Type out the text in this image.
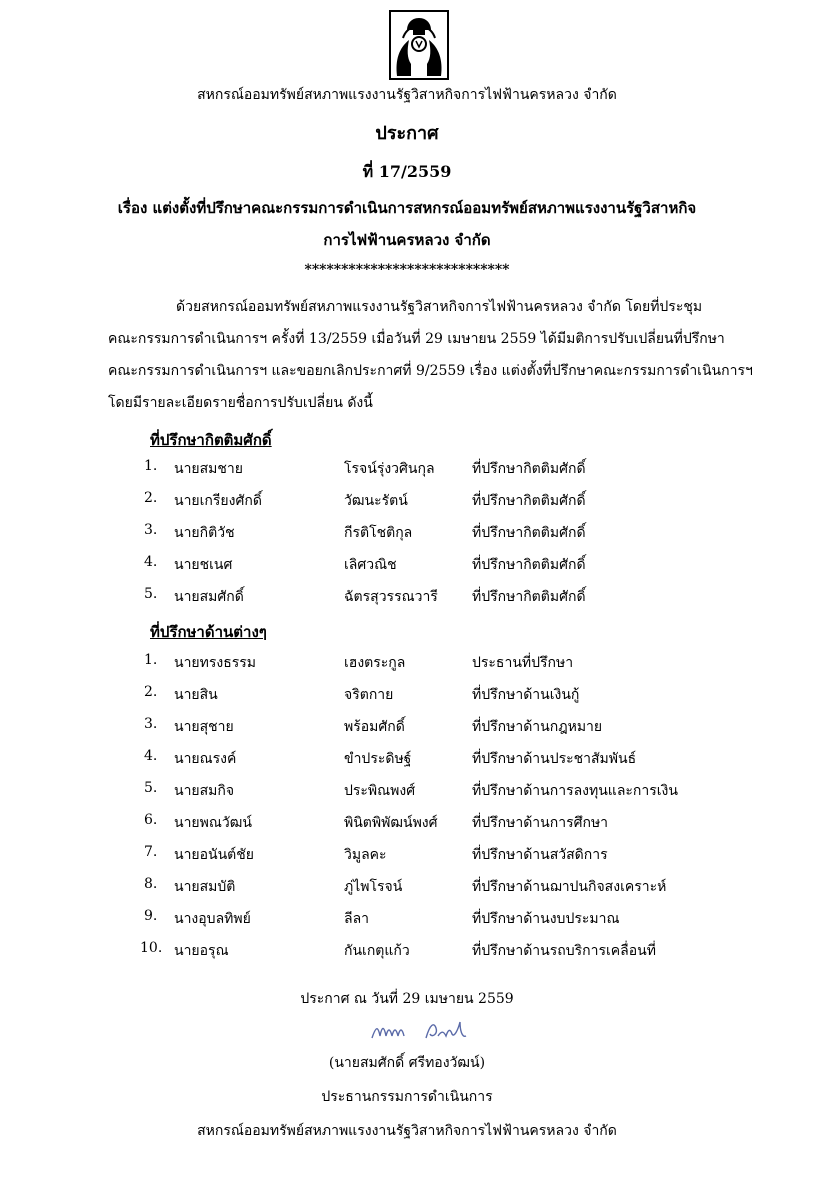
สหกรณ์ออมทรัพย์สหภาพแรงงานรัฐวิสาหกิจการไฟฟ้านครหลวง จำกัด
ประกาศ
ที่ 17/2559
เรื่อง แต่งตั้งที่ปรึกษาคณะกรรมการดำเนินการสหกรณ์ออมทรัพย์สหภาพแรงงานรัฐวิสาหกิจ
การไฟฟ้านครหลวง จำกัด
****************************
ด้วยสหกรณ์ออมทรัพย์สหภาพแรงงานรัฐวิสาหกิจการไฟฟ้านครหลวง จำกัด โดยที่ประชุม
คณะกรรมการดำเนินการฯ ครั้งที่ 13/2559 เมื่อวันที่ 29 เมษายน 2559 ได้มีมติการปรับเปลี่ยนที่ปรึกษา
คณะกรรมการดำเนินการฯ และขอยกเลิกประกาศที่ 9/2559 เรื่อง แต่งตั้งที่ปรึกษาคณะกรรมการดำเนินการฯ
โดยมีรายละเอียดรายชื่อการปรับเปลี่ยน ดังนี้
ที่ปรึกษากิตติมศักดิ์
1. นายสมชาย	โรจน์รุ่งวศินกุล	ที่ปรึกษากิตติมศักดิ์
2. นายเกรียงศักดิ์	วัฒนะรัตน์	ที่ปรึกษากิตติมศักดิ์
3. นายกิติวัช	กีรติโชติกุล	ที่ปรึกษากิตติมศักดิ์
4. นายชเนศ	เลิศวณิช	ที่ปรึกษากิตติมศักดิ์
5. นายสมศักดิ์	ฉัตรสุวรรณวารี ที่ปรึกษากิตติมศักดิ์
ที่ปรึกษาด้านต่างๆ
1. นายทรงธรรม	เฮงตระกูล	ประธานที่ปรึกษา
2. นายสิน	จริตกาย	ที่ปรึกษาด้านเงินกู้
3. นายสุชาย	พร้อมศักดิ์	ที่ปรึกษาด้านกฎหมาย
4. นายณรงค์	ขำประดิษฐ์	ที่ปรึกษาด้านประชาสัมพันธ์
5. นายสมกิจ	ประพิณพงศ์	ที่ปรึกษาด้านการลงทุนและการเงิน
6. นายพณวัฒน์	พินิตพิพัฒน์พงศ์ ที่ปรึกษาด้านการศึกษา
7. นายอนันต์ชัย	วิมูลคะ	ที่ปรึกษาด้านสวัสดิการ
8. นายสมบัติ	ภู่ไพโรจน์	ที่ปรึกษาด้านฌาปนกิจสงเคราะห์
9. นางอุบลทิพย์	ลีลา	ที่ปรึกษาด้านงบประมาณ
10. นายอรุณ	กันเกตุแก้ว	ที่ปรึกษาด้านรถบริการเคลื่อนที่
ประกาศ ณ วันที่ 29 เมษายน 2559
(นายสมศักดิ์ ศรีทองวัฒน์)
ประธานกรรมการดำเนินการ
สหกรณ์ออมทรัพย์สหภาพแรงงานรัฐวิสาหกิจการไฟฟ้านครหลวง จำกัด
